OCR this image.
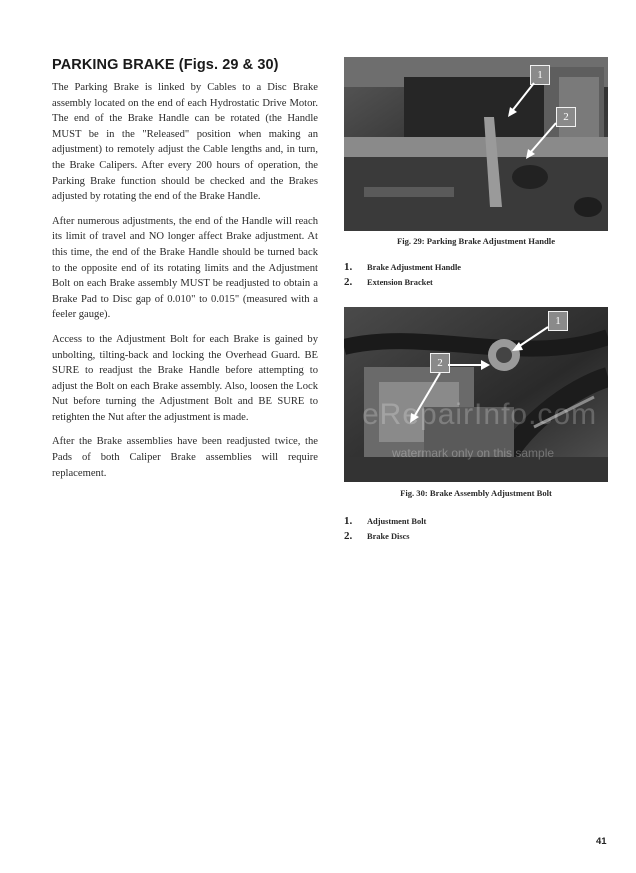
PARKING BRAKE (Figs. 29 & 30)

The Parking Brake is linked by Cables to a Disc Brake assembly located on the end of each Hydrostatic Drive Motor. The end of the Brake Handle can be rotated (the Handle MUST be in the "Released" position when making an adjustment) to remotely adjust the Cable lengths and, in turn, the Brake Calipers. After every 200 hours of operation, the Parking Brake function should be checked and the Brakes adjusted by rotating the end of the Brake Handle.

After numerous adjustments, the end of the Handle will reach its limit of travel and NO longer affect Brake adjustment. At this time, the end of the Brake Handle should be turned back to the opposite end of its rotating limits and the Adjustment Bolt on each Brake assembly MUST be readjusted to obtain a Brake Pad to Disc gap of 0.010" to 0.015" (measured with a feeler gauge).

Access to the Adjustment Bolt for each Brake is gained by unbolting, tilting-back and locking the Overhead Guard. BE SURE to readjust the Brake Handle before attempting to adjust the Bolt on each Brake assembly. Also, loosen the Lock Nut before turning the Adjustment Bolt and BE SURE to retighten the Nut after the adjustment is made.

After the Brake assemblies have been readjusted twice, the Pads of both Caliper Brake assemblies will require replacement.

1
2
Fig. 29: Parking Brake Adjustment Handle
1.	Brake Adjustment Handle
2.	Extension Bracket
1
2
eRepairInfo.com
watermark only on this sample
Fig. 30: Brake Assembly Adjustment Bolt
1.	Adjustment Bolt
2.	Brake Discs
41
